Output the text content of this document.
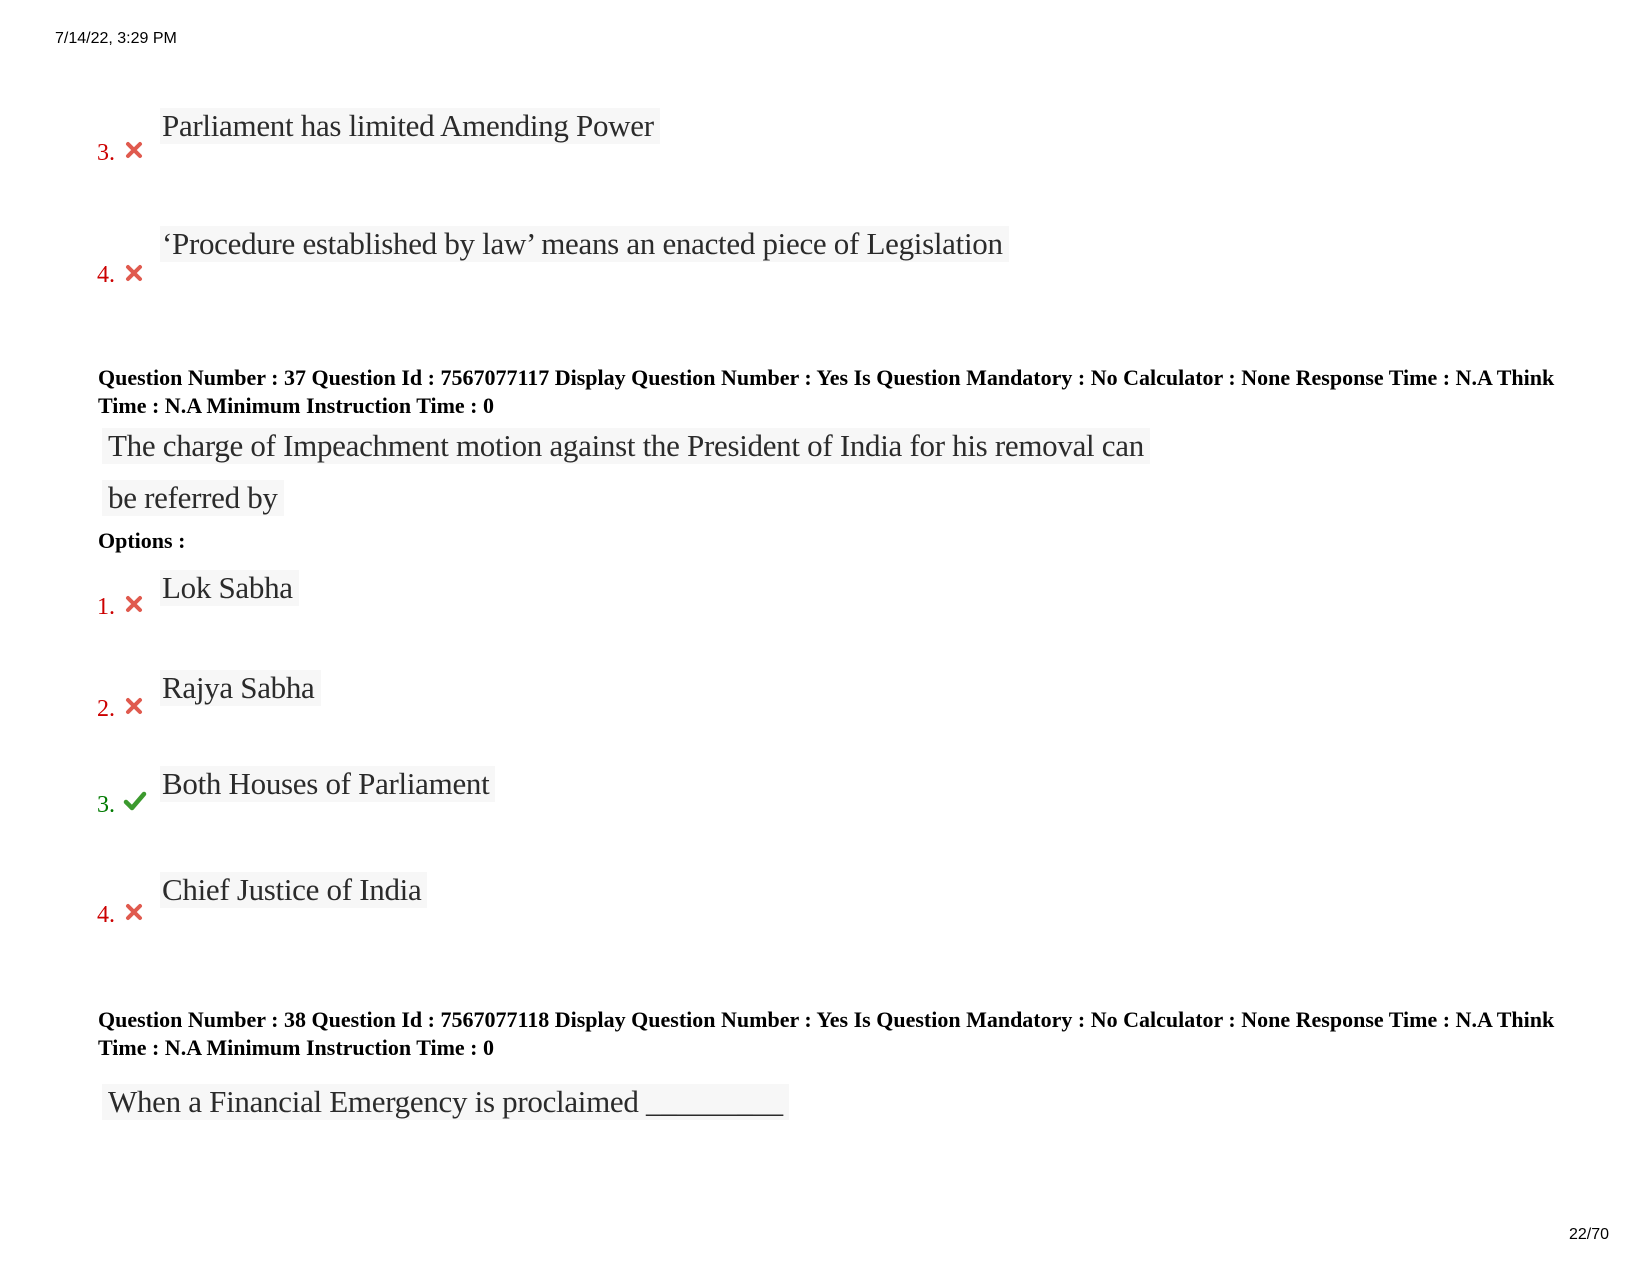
7/14/22, 3:29 PM
Parliament has limited Amending Power
3.
‘Procedure established by law’ means an enacted piece of Legislation
4.
Question Number : 37 Question Id : 7567077117 Display Question Number : Yes Is Question Mandatory : No Calculator : None Response Time : N.A Think Time : N.A Minimum Instruction Time : 0
The charge of Impeachment motion against the President of India for his removal can
be referred by
Options :
Lok Sabha
1.
Rajya Sabha
2.
Both Houses of Parliament
3.
Chief Justice of India
4.
Question Number : 38 Question Id : 7567077118 Display Question Number : Yes Is Question Mandatory : No Calculator : None Response Time : N.A Think Time : N.A Minimum Instruction Time : 0
When a Financial Emergency is proclaimed _________
22/70
